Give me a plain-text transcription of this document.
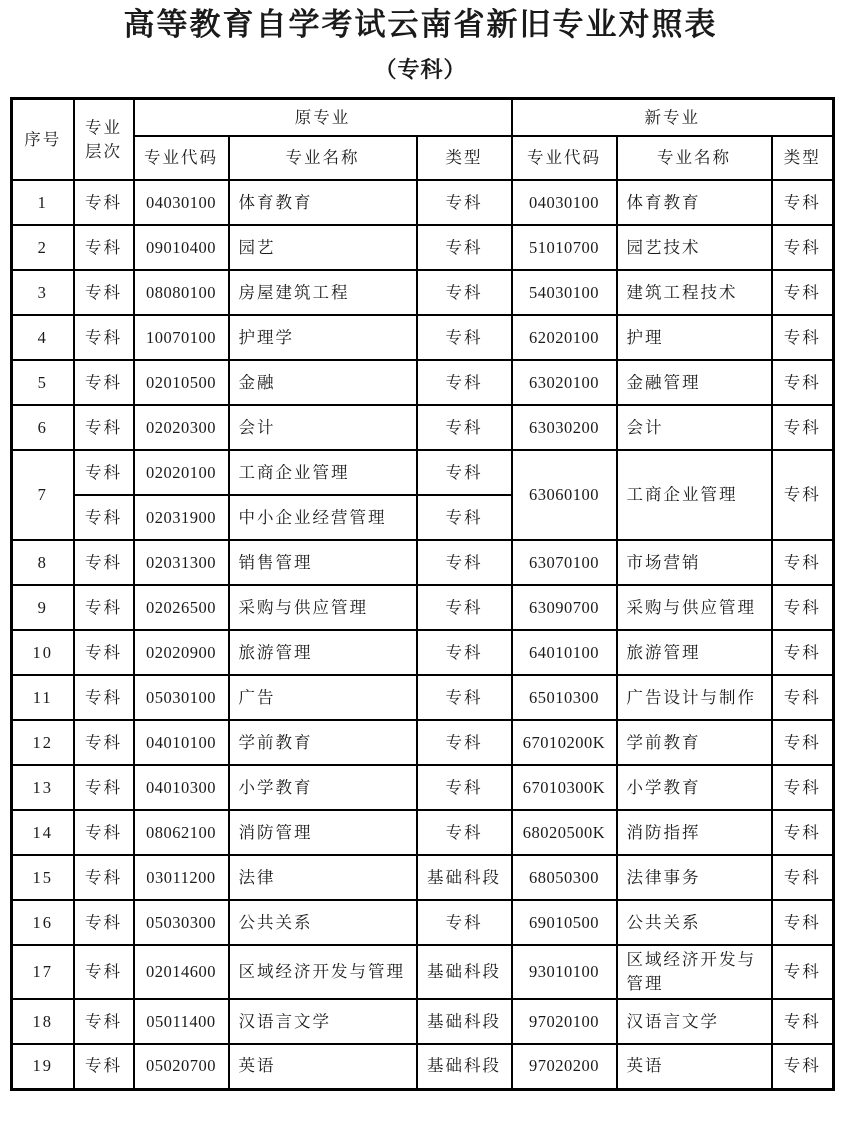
高等教育自学考试云南省新旧专业对照表
（专科）
序号	专业层次	原专业			新专业		
		专业代码	专业名称	类型	专业代码	专业名称	类型
1	专科	04030100	体育教育	专科	04030100	体育教育	专科
2	专科	09010400	园艺	专科	51010700	园艺技术	专科
3	专科	08080100	房屋建筑工程	专科	54030100	建筑工程技术	专科
4	专科	10070100	护理学	专科	62020100	护理	专科
5	专科	02010500	金融	专科	63020100	金融管理	专科
6	专科	02020300	会计	专科	63030200	会计	专科
7	专科	02020100	工商企业管理	专科	63060100	工商企业管理	专科
	专科	02031900	中小企业经营管理	专科			
8	专科	02031300	销售管理	专科	63070100	市场营销	专科
9	专科	02026500	采购与供应管理	专科	63090700	采购与供应管理	专科
10	专科	02020900	旅游管理	专科	64010100	旅游管理	专科
11	专科	05030100	广告	专科	65010300	广告设计与制作	专科
12	专科	04010100	学前教育	专科	67010200K	学前教育	专科
13	专科	04010300	小学教育	专科	67010300K	小学教育	专科
14	专科	08062100	消防管理	专科	68020500K	消防指挥	专科
15	专科	03011200	法律	基础科段	68050300	法律事务	专科
16	专科	05030300	公共关系	专科	69010500	公共关系	专科
17	专科	02014600	区域经济开发与管理	基础科段	93010100	区域经济开发与管理	专科
18	专科	05011400	汉语言文学	基础科段	97020100	汉语言文学	专科
19	专科	05020700	英语	基础科段	97020200	英语	专科
